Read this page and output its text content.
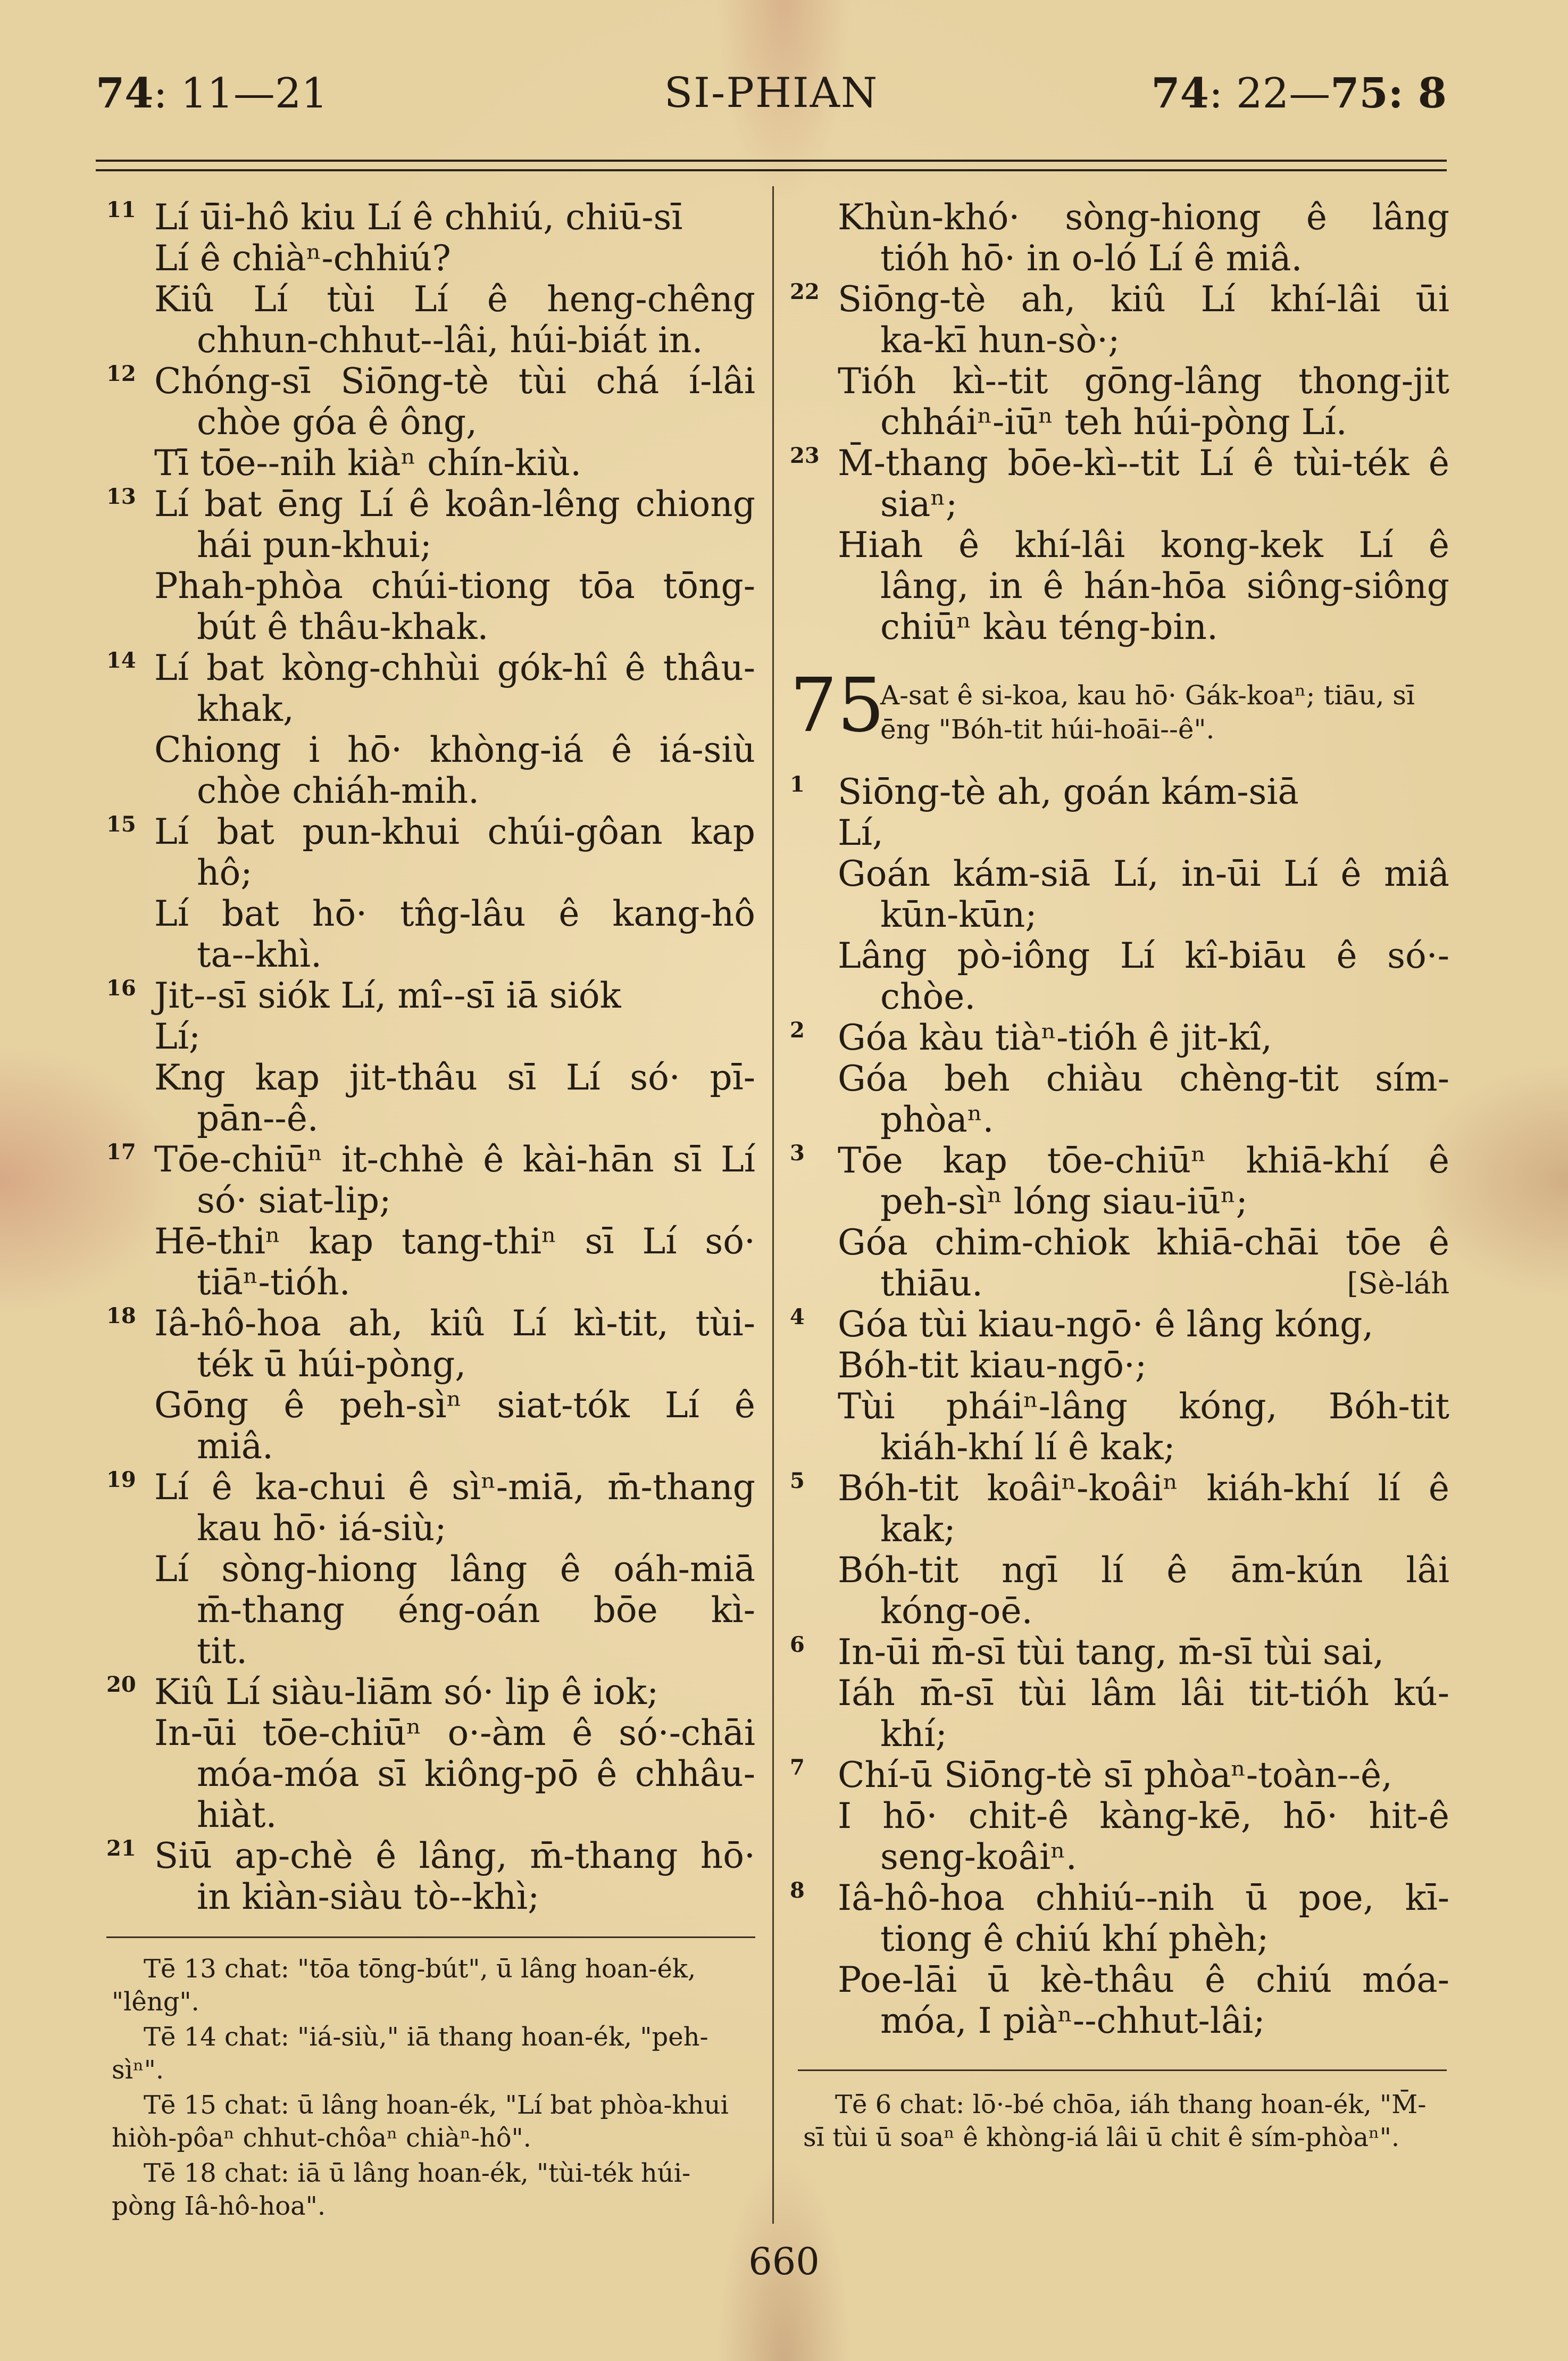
74: 11—21	SI-PHIAN	74: 22—75: 8
11 Lí ū̄i-hô kiu Lí ê chhiú, chiū-sī
Lí ê chiàⁿ-chhiú?
Kiû Lí tùi Lí ê heng-chêng
chhun-chhut--lâi, húi-biát in.
12 Chóng-sī Siōng-tè tùi chá í-lâi
chòe góa ê ông,
Tī tōe--nih kiàⁿ chín-kiù.
13 Lí bat ēng Lí ê koân-lêng chiong
hái pun-khui;
Phah-phòa chúi-tiong tōa tōng-
bút ê thâu-khak.
14 Lí bat kòng-chhùi gók-hî ê thâu-
khak,
Chiong i hō· khòng-iá ê iá-siù
chòe chiáh-mih.
15 Lí bat pun-khui chúi-gôan kap
hô;
Lí bat hō· tn̂g-lâu ê kang-hô
ta--khì.
16 Jit--sī siók Lí, mî--sī iā siók
Lí;
Kng kap jit-thâu sī Lí só· pī-
pān--ê.
17 Tōe-chiūⁿ it-chhè ê kài-hān sī Lí
só· siat-lip;
Hē-thiⁿ kap tang-thiⁿ sī Lí só·
tiāⁿ-tióh.
18 Iâ-hô-hoa ah, kiû Lí kì-tit, tùi-
ték ū húi-pòng,
Gōng ê peh-sìⁿ siat-tók Lí ê
miâ.
19 Lí ê ka-chui ê sìⁿ-miā, m̄-thang
kau hō· iá-siù;
Lí sòng-hiong lâng ê oáh-miā
m̄-thang éng-oán bōe kì-
tit.
20 Kiû Lí siàu-liām só· lip ê iok;
In-ūi tōe-chiūⁿ o·-àm ê só·-chāi
móa-móa sī kiông-pō ê chhâu-
hiàt.
21 Siū ap-chè ê lâng, m̄-thang hō·
in kiàn-siàu tò--khì;

Tē 13 chat: "tōa tōng-bút", ū lâng hoan-ék, "lêng".

Tē 14 chat: "iá-siù," iā thang hoan-ék, "peh-sìⁿ".

Tē 15 chat: ū lâng hoan-ék, "Lí bat phòa-khui hiòh-pôaⁿ chhut-chôaⁿ chiàⁿ-hô".

Tē 18 chat: iā ū lâng hoan-ék, "tùi-ték húi-pòng Iâ-hô-hoa".

Khùn-khó· sòng-hiong ê lâng
tióh hō· in o-ló Lí ê miâ.
22 Siōng-tè ah, kiû Lí khí-lâi ūi
ka-kī hun-sò·;
Tióh kì--tit gōng-lâng thong-jit
chháiⁿ-iūⁿ teh húi-pòng Lí.
23 M̄-thang bōe-kì--tit Lí ê tùi-ték ê
siaⁿ;
Hiah ê khí-lâi kong-kek Lí ê
lâng, in ê hán-hōa siông-siông
chiūⁿ kàu téng-bin.
75
A-sat ê si-koa, kau hō· Gák-koaⁿ; tiāu, sī ēng "Bóh-tit húi-hoāi--ê".
1 Siōng-tè ah, goán kám-siā
Lí,
Goán kám-siā Lí, in-ūi Lí ê miâ
kūn-kūn;
Lâng pò-iông Lí kî-biāu ê só·-
chòe.
2 Góa kàu tiàⁿ-tióh ê jit-kî,
Góa beh chiàu chèng-tit sím-
phòaⁿ.
3 Tōe kap tōe-chiūⁿ khiā-khí ê
peh-sìⁿ lóng siau-iūⁿ;
Góa chim-chiok khiā-chāi tōe ê
thiāu.	[Sè-láh
4 Góa tùi kiau-ngō· ê lâng kóng,
Bóh-tit kiau-ngō·;
Tùi pháiⁿ-lâng kóng, Bóh-tit
kiáh-khí lí ê kak;
5 Bóh-tit koâiⁿ-koâiⁿ kiáh-khí lí ê
kak;
Bóh-tit ngī lí ê ām-kún lâi
kóng-oē.
6 In-ūi m̄-sī tùi tang, m̄-sī tùi sai,
Iáh m̄-sī tùi lâm lâi tit-tióh kú-
khí;
7 Chí-ū Siōng-tè sī phòaⁿ-toàn--ê,
I hō· chit-ê kàng-kē, hō· hit-ê
seng-koâiⁿ.
8 Iâ-hô-hoa chhiú--nih ū poe, kī-
tiong ê chiú khí phèh;
Poe-lāi ū kè-thâu ê chiú móa-
móa, I piàⁿ--chhut-lâi;

Tē 6 chat: lō·-bé chōa, iáh thang hoan-ék, "M̄-sī tùi ū soaⁿ ê khòng-iá lâi ū chit ê sím-phòaⁿ".

660
